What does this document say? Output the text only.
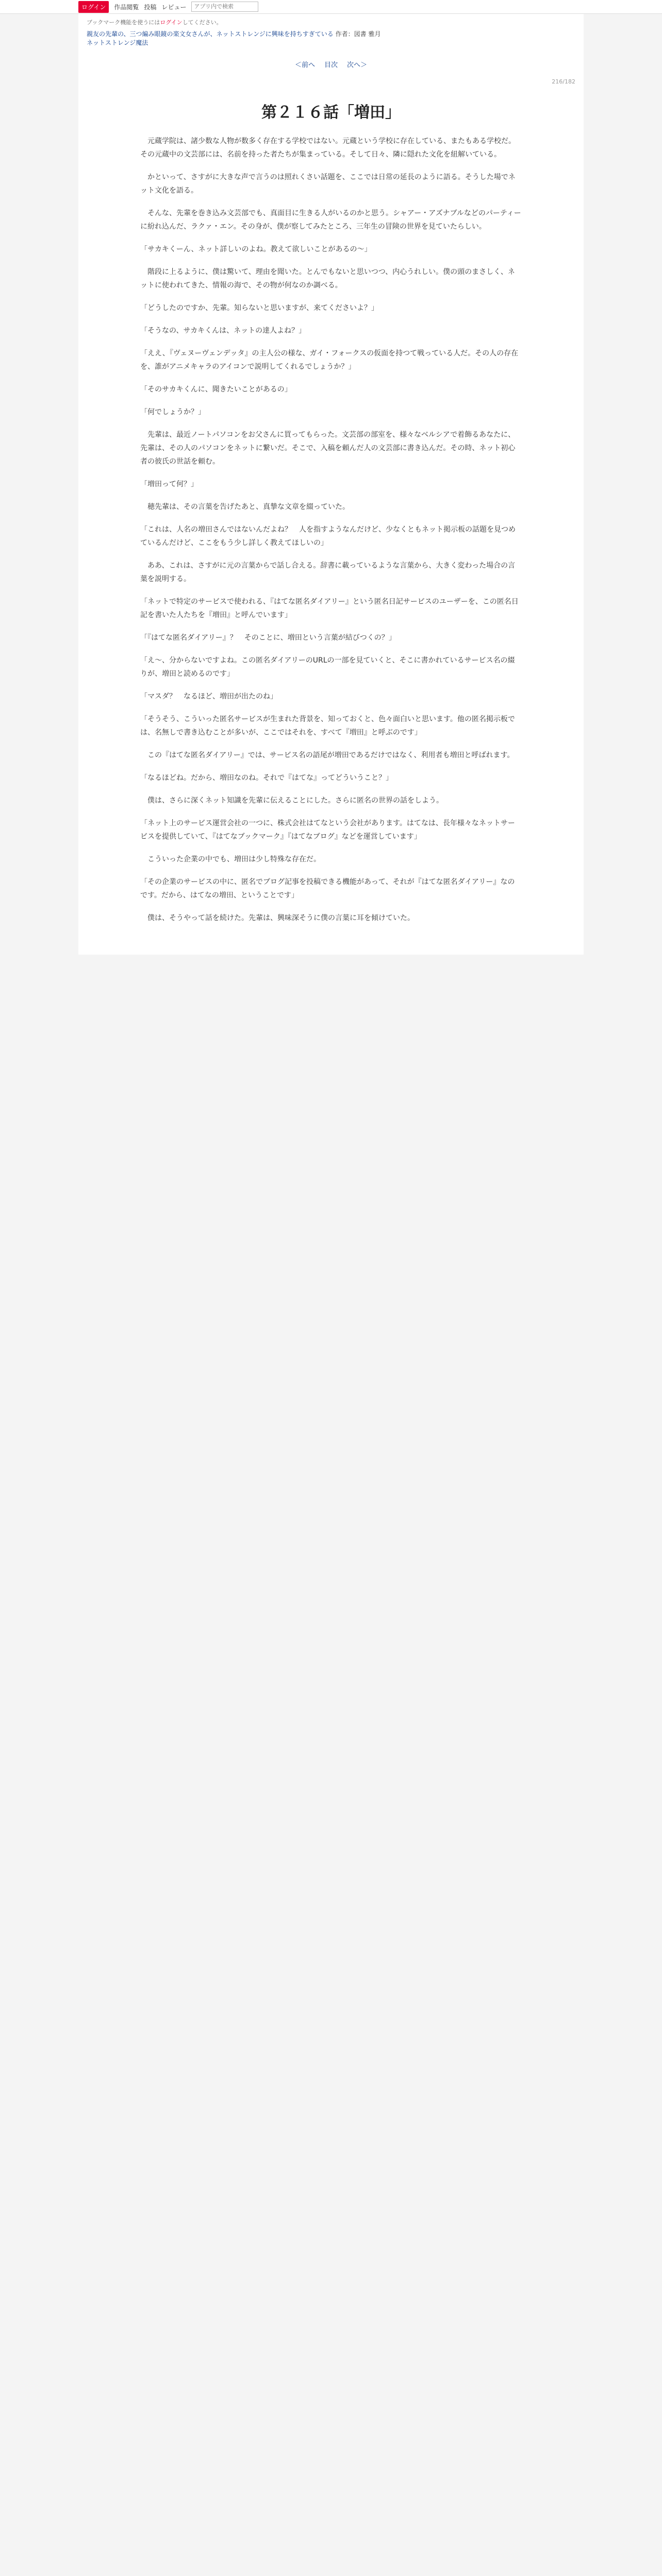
ログイン	作品閲覧 投稿 レビュー
アプリ内で検索
ブックマーク機能を使うにはログインしてください。
親友の先輩の、三つ編み眼鏡の楽文女さんが、ネットストレンジに興味を持ちすぎている 作者：図書 雅月
ネットストレンジ魔法
＜前へ 目次 次へ＞
216/182
第２１６話「増田」

　元蔵学院は、諸少数な人物が数多く存在する学校ではない。元蔵という学校に存在している、またもある学校だ。その元蔵中の文芸部には、名前を持った者たちが集まっている。そして日々、隣に隠れた文化を紐解いている。

　かといって、さすがに大きな声で言うのは照れくさい話題を、ここでは日常の延長のように語る。そうした場でネット文化を語る。

　そんな、先輩を巻き込み文芸部でも、真面目に生きる人がいるのかと思う。シャアー・アズナブルなどのパーティーに紛れ込んだ、ラクァ・エン。その身が、僕が察してみたところ、三年生の冒険の世界を見ていたらしい。

「サカキくーん、ネット詳しいのよね。教えて欲しいことがあるの～」

　階段に上るように、僕は驚いて、理由を聞いた。とんでもないと思いつつ、内心うれしい。僕の頭のまさしく、ネットに使われてきた、情報の海で、その物が何なのか調べる。

「どうしたのですか、先輩。知らないと思いますが、来てくださいよ？」

「そうなの、サカキくんは、ネットの達人よね？」

「ええ、『ヴェヌーヴェンデッタ』の主人公の様な、ガイ・フォークスの仮面を持つて戦っている人だ。その人の存在を、誰がアニメキャラのアイコンで説明してくれるでしょうか？」

「そのサカキくんに、聞きたいことがあるの」

「何でしょうか？」

　先輩は、最近ノートパソコンをお父さんに買ってもらった。文芸部の部室を、様々なベルシアで着飾るあなたに、先輩は、その人のパソコンをネットに繋いだ。そこで、入稿を頼んだ人の文芸部に書き込んだ。その時、ネット初心者の彼氏の世話を頼む。

「増田って何？」

　穂先輩は、その言葉を告げたあと、真摯な文章を綴っていた。

「これは、人名の増田さんではないんだよね？　人を指すようなんだけど、少なくともネット掲示板の話題を見つめているんだけど、ここをもう少し詳しく教えてほしいの」

　ああ、これは、さすがに元の言葉からで話し合える。辞書に載っているような言葉から、大きく変わった場合の言葉を説明する。

「ネットで特定のサービスで使われる、『はてな匿名ダイアリー』という匿名日記サービスのユーザーを、この匿名日記を書いた人たちを『増田』と呼んでいます」

「『はてな匿名ダイアリー』？　そのことに、増田という言葉が結びつくの？」

「え～、分からないですよね。この匿名ダイアリーのURLの一部を見ていくと、そこに書かれているサービス名の綴りが、増田と読めるのです」

「マスダ？　なるほど、増田が出たのね」

「そうそう、こういった匿名サービスが生まれた背景を、知っておくと、色々面白いと思います。他の匿名掲示板では、名無しで書き込むことが多いが、ここではそれを、すべて『増田』と呼ぶのです」

　この『はてな匿名ダイアリー』では、サービス名の語尾が増田であるだけではなく、利用者も増田と呼ばれます。

「なるほどね。だから、増田なのね。それで『はてな』ってどういうこと？」

　僕は、さらに深くネット知識を先輩に伝えることにした。さらに匿名の世界の話をしよう。

「ネット上のサービス運営会社の一つに、株式会社はてなという会社があります。はてなは、長年様々なネットサービスを提供していて、『はてなブックマーク』『はてなブログ』などを運営しています」

　こういった企業の中でも、増田は少し特殊な存在だ。

「その企業のサービスの中に、匿名でブログ記事を投稿できる機能があって、それが『はてな匿名ダイアリー』なのです。だから、はてなの増田、ということです」

　僕は、そうやって話を続けた。先輩は、興味深そうに僕の言葉に耳を傾けていた。
